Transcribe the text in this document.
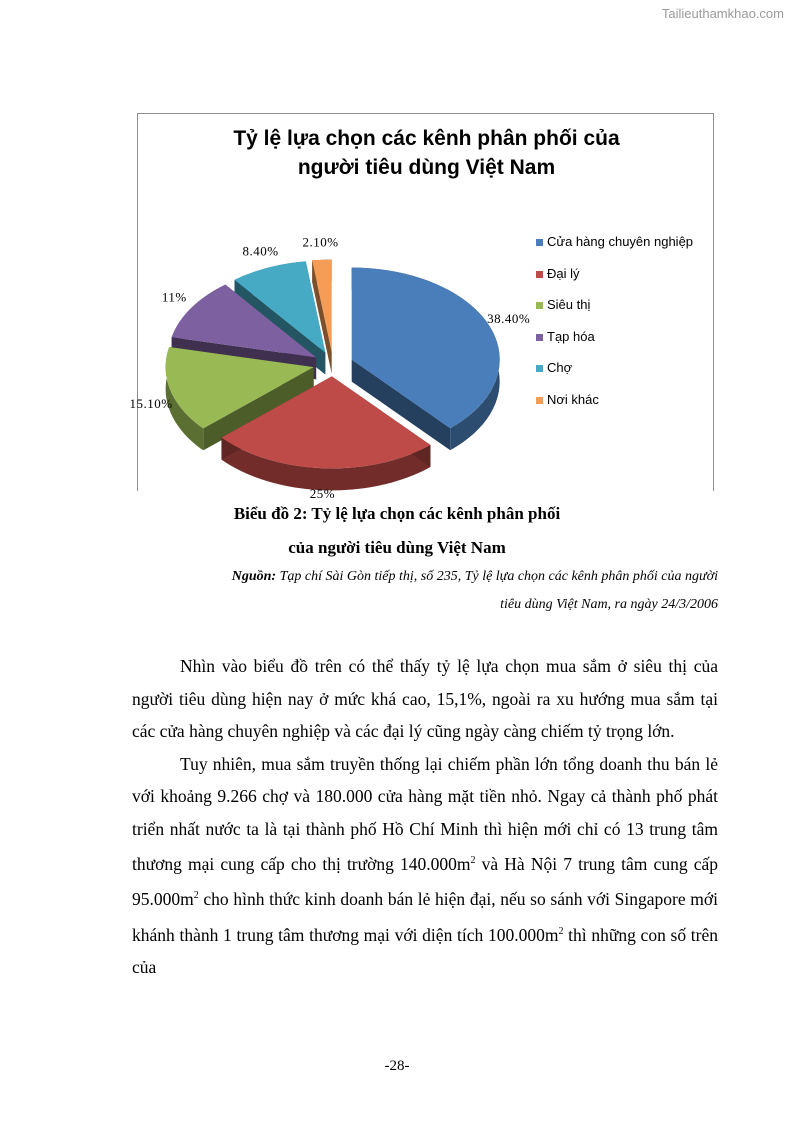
Tailieuthamkhao.com
38.40%
25%
15.10%
11%
8.40%
2.10%
Tỷ lệ lựa chọn các kênh phân phối của
người tiêu dùng Việt Nam
Cửa hàng chuyên nghiệp
Đại lý
Siêu thị
Tạp hóa
Chợ
Nơi khác
Biểu đồ 2: Tỷ lệ lựa chọn các kênh phân phối
của người tiêu dùng Việt Nam
Nguồn: Tạp chí Sài Gòn tiếp thị, số 235, Tỷ lệ lựa chọn các kênh phân phối của người
tiêu dùng Việt Nam, ra ngày 24/3/2006

Nhìn vào biểu đồ trên có thể thấy tỷ lệ lựa chọn mua sắm ở siêu thị của người tiêu dùng hiện nay ở mức khá cao, 15,1%, ngoài ra xu hướng mua sắm tại các cửa hàng chuyên nghiệp và các đại lý cũng ngày càng chiếm tỷ trọng lớn.

Tuy nhiên, mua sắm truyền thống lại chiếm phần lớn tổng doanh thu bán lẻ với khoảng 9.266 chợ và 180.000 cửa hàng mặt tiền nhỏ. Ngay cả thành phố phát triển nhất nước ta là tại thành phố Hồ Chí Minh thì hiện mới chỉ có 13 trung tâm thương mại cung cấp cho thị trường $140.000m^2$ và Hà Nội 7 trung tâm cung cấp $95.000m^2$ cho hình thức kinh doanh bán lẻ hiện đại, nếu so sánh với Singapore mới khánh thành 1 trung tâm thương mại với diện tích $100.000m^2$ thì những con số trên của

-28-
